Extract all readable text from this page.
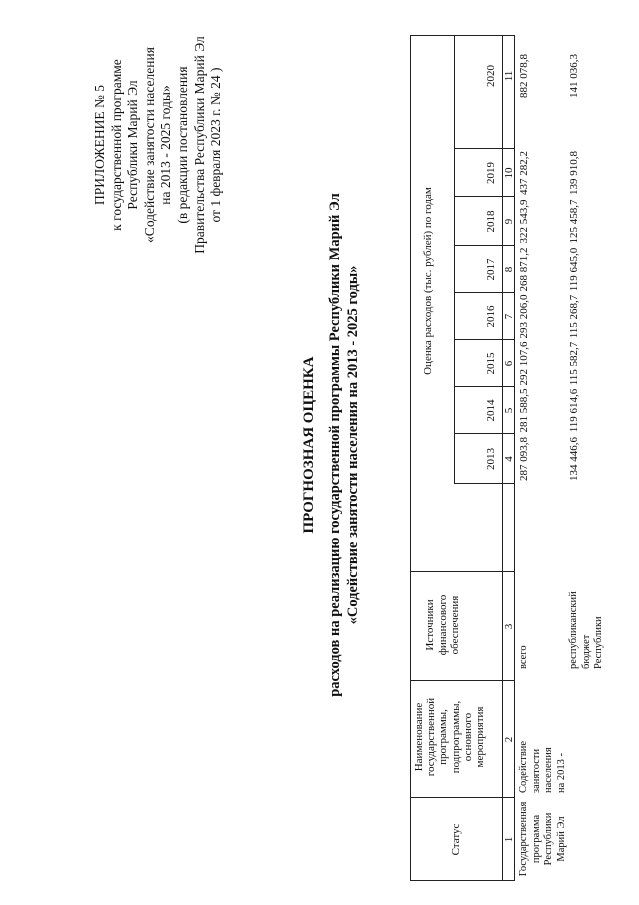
ПРИЛОЖЕНИЕ № 5 к государственной программе Республики Марий Эл «Содействие занятости населения на 2013 - 2025 годы» (в редакции постановления Правительства Республики Марий Эл от 1 февраля 2023 г. № 24 )
ПРОГНОЗНАЯ ОЦЕНКА расходов на реализацию государственной программы Республики Марий Эл «Содействие занятости населения на 2013 - 2025 годы»
Статус
Наименование государственной программы, подпрограммы, основного мероприятия
Источники финансового обеспечения
Оценка расходов (тыс. рублей) по годам
2013
2014
2015
2016
2017
2018
2019
2020
1
2
3
4
5
6
7
8
9
10
11
Государственная программа Республики Марий Эл
Содействие занятости населения на 2013 -
всего
287 093,8
281 588,5
292 107,6
293 206,0
268 871,2
322 543,9
437 282,2
882 078,8
республиканский бюджет Республики
134 446,6
119 614,6
115 582,7
115 268,7
119 645,0
125 458,7
139 910,8
141 036,3
